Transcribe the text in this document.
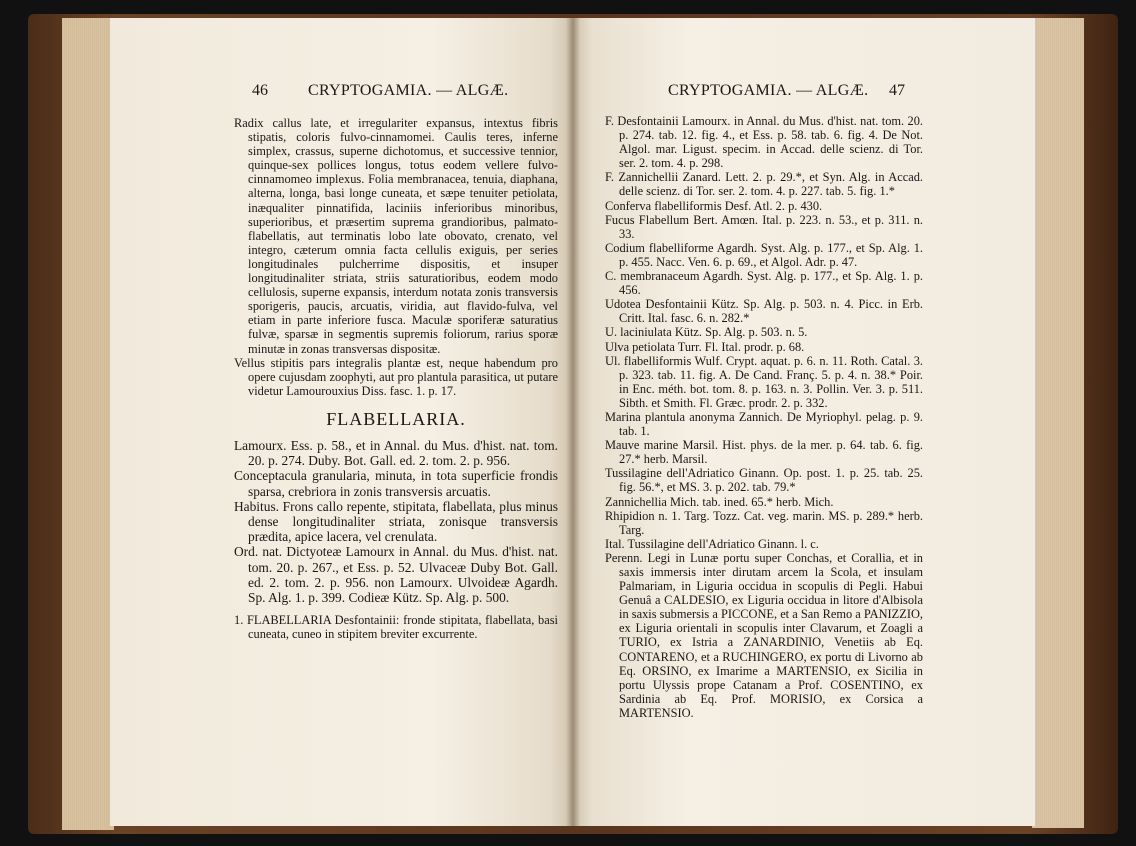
46	CRYPTOGAMIA. — ALGÆ.

Radix callus late, et irregulariter expansus, intextus fibris stipatis, coloris fulvo-cinnamomei. Caulis teres, inferne simplex, crassus, superne dichotomus, et successive tennior, quinque-sex pollices longus, totus eodem vellere fulvo-cinnamomeo implexus. Folia membranacea, tenuia, diaphana, alterna, longa, basi longe cuneata, et sæpe tenuiter petiolata, inæqualiter pinnatifida, laciniis inferioribus minoribus, superioribus, et præsertim suprema grandioribus, palmato-flabellatis, aut terminatis lobo late obovato, crenato, vel integro, cæterum omnia facta cellulis exiguis, per series longitudinales pulcherrime dispositis, et insuper longitudinaliter striata, striis saturatioribus, eodem modo cellulosis, superne expansis, interdum notata zonis transversis sporigeris, paucis, arcuatis, viridia, aut flavido-fulva, vel etiam in parte inferiore fusca. Maculæ sporiferæ saturatius fulvæ, sparsæ in segmentis supremis foliorum, rarius sporæ minutæ in zonas transversas dispositæ.

Vellus stipitis pars integralis plantæ est, neque habendum pro opere cujusdam zoophyti, aut pro plantula parasitica, ut putare videtur Lamourouxius Diss. fasc. 1. p. 17.

FLABELLARIA.

Lamourx. Ess. p. 58., et in Annal. du Mus. d'hist. nat. tom. 20. p. 274. Duby. Bot. Gall. ed. 2. tom. 2. p. 956.

Conceptacula granularia, minuta, in tota superficie frondis sparsa, crebriora in zonis transversis arcuatis.

Habitus. Frons callo repente, stipitata, flabellata, plus minus dense longitudinaliter striata, zonisque transversis prædita, apice lacera, vel crenulata.

Ord. nat. Dictyoteæ Lamourx in Annal. du Mus. d'hist. nat. tom. 20. p. 267., et Ess. p. 52. Ulvaceæ Duby Bot. Gall. ed. 2. tom. 2. p. 956. non Lamourx. Ulvoideæ Agardh. Sp. Alg. 1. p. 399. Codieæ Kütz. Sp. Alg. p. 500.

1. FLABELLARIA Desfontainii: fronde stipitata, flabellata, basi cuneata, cuneo in stipitem breviter excurrente.

CRYPTOGAMIA. — ALGÆ. 47

F. Desfontainii Lamourx. in Annal. du Mus. d'hist. nat. tom. 20. p. 274. tab. 12. fig. 4., et Ess. p. 58. tab. 6. fig. 4. De Not. Algol. mar. Ligust. specim. in Accad. delle scienz. di Tor. ser. 2. tom. 4. p. 298.

F. Zannichellii Zanard. Lett. 2. p. 29.*, et Syn. Alg. in Accad. delle scienz. di Tor. ser. 2. tom. 4. p. 227. tab. 5. fig. 1.*

Conferva flabelliformis Desf. Atl. 2. p. 430.

Fucus Flabellum Bert. Amœn. Ital. p. 223. n. 53., et p. 311. n. 33.

Codium flabelliforme Agardh. Syst. Alg. p. 177., et Sp. Alg. 1. p. 455. Nacc. Ven. 6. p. 69., et Algol. Adr. p. 47.

C. membranaceum Agardh. Syst. Alg. p. 177., et Sp. Alg. 1. p. 456.

Udotea Desfontainii Kütz. Sp. Alg. p. 503. n. 4. Picc. in Erb. Critt. Ital. fasc. 6. n. 282.*

U. laciniulata Kütz. Sp. Alg. p. 503. n. 5.

Ulva petiolata Turr. Fl. Ital. prodr. p. 68.

Ul. flabelliformis Wulf. Crypt. aquat. p. 6. n. 11. Roth. Catal. 3. p. 323. tab. 11. fig. A. De Cand. Franç. 5. p. 4. n. 38.* Poir. in Enc. méth. bot. tom. 8. p. 163. n. 3. Pollin. Ver. 3. p. 511. Sibth. et Smith. Fl. Græc. prodr. 2. p. 332.

Marina plantula anonyma Zannich. De Myriophyl. pelag. p. 9. tab. 1.

Mauve marine Marsil. Hist. phys. de la mer. p. 64. tab. 6. fig. 27.* herb. Marsil.

Tussilagine dell'Adriatico Ginann. Op. post. 1. p. 25. tab. 25. fig. 56.*, et MS. 3. p. 202. tab. 79.*

Zannichellia Mich. tab. ined. 65.* herb. Mich.

Rhipidion n. 1. Targ. Tozz. Cat. veg. marin. MS. p. 289.* herb. Targ.

Ital. Tussilagine dell'Adriatico Ginann. l. c.

Perenn. Legi in Lunæ portu super Conchas, et Corallia, et in saxis immersis inter dirutam arcem la Scola, et insulam Palmariam, in Liguria occidua in scopulis di Pegli. Habui Genuâ a CALDESIO, ex Liguria occidua in litore d'Albisola in saxis submersis a PICCONE, et a San Remo a PANIZZIO, ex Liguria orientali in scopulis inter Clavarum, et Zoagli a TURIO, ex Istria a ZANARDINIO, Venetiis ab Eq. CONTARENO, et a RUCHINGERO, ex portu di Livorno ab Eq. ORSINO, ex Imarime a MARTENSIO, ex Sicilia in portu Ulyssis prope Catanam a Prof. COSENTINO, ex Sardinia ab Eq. Prof. MORISIO, ex Corsica a MARTENSIO.
